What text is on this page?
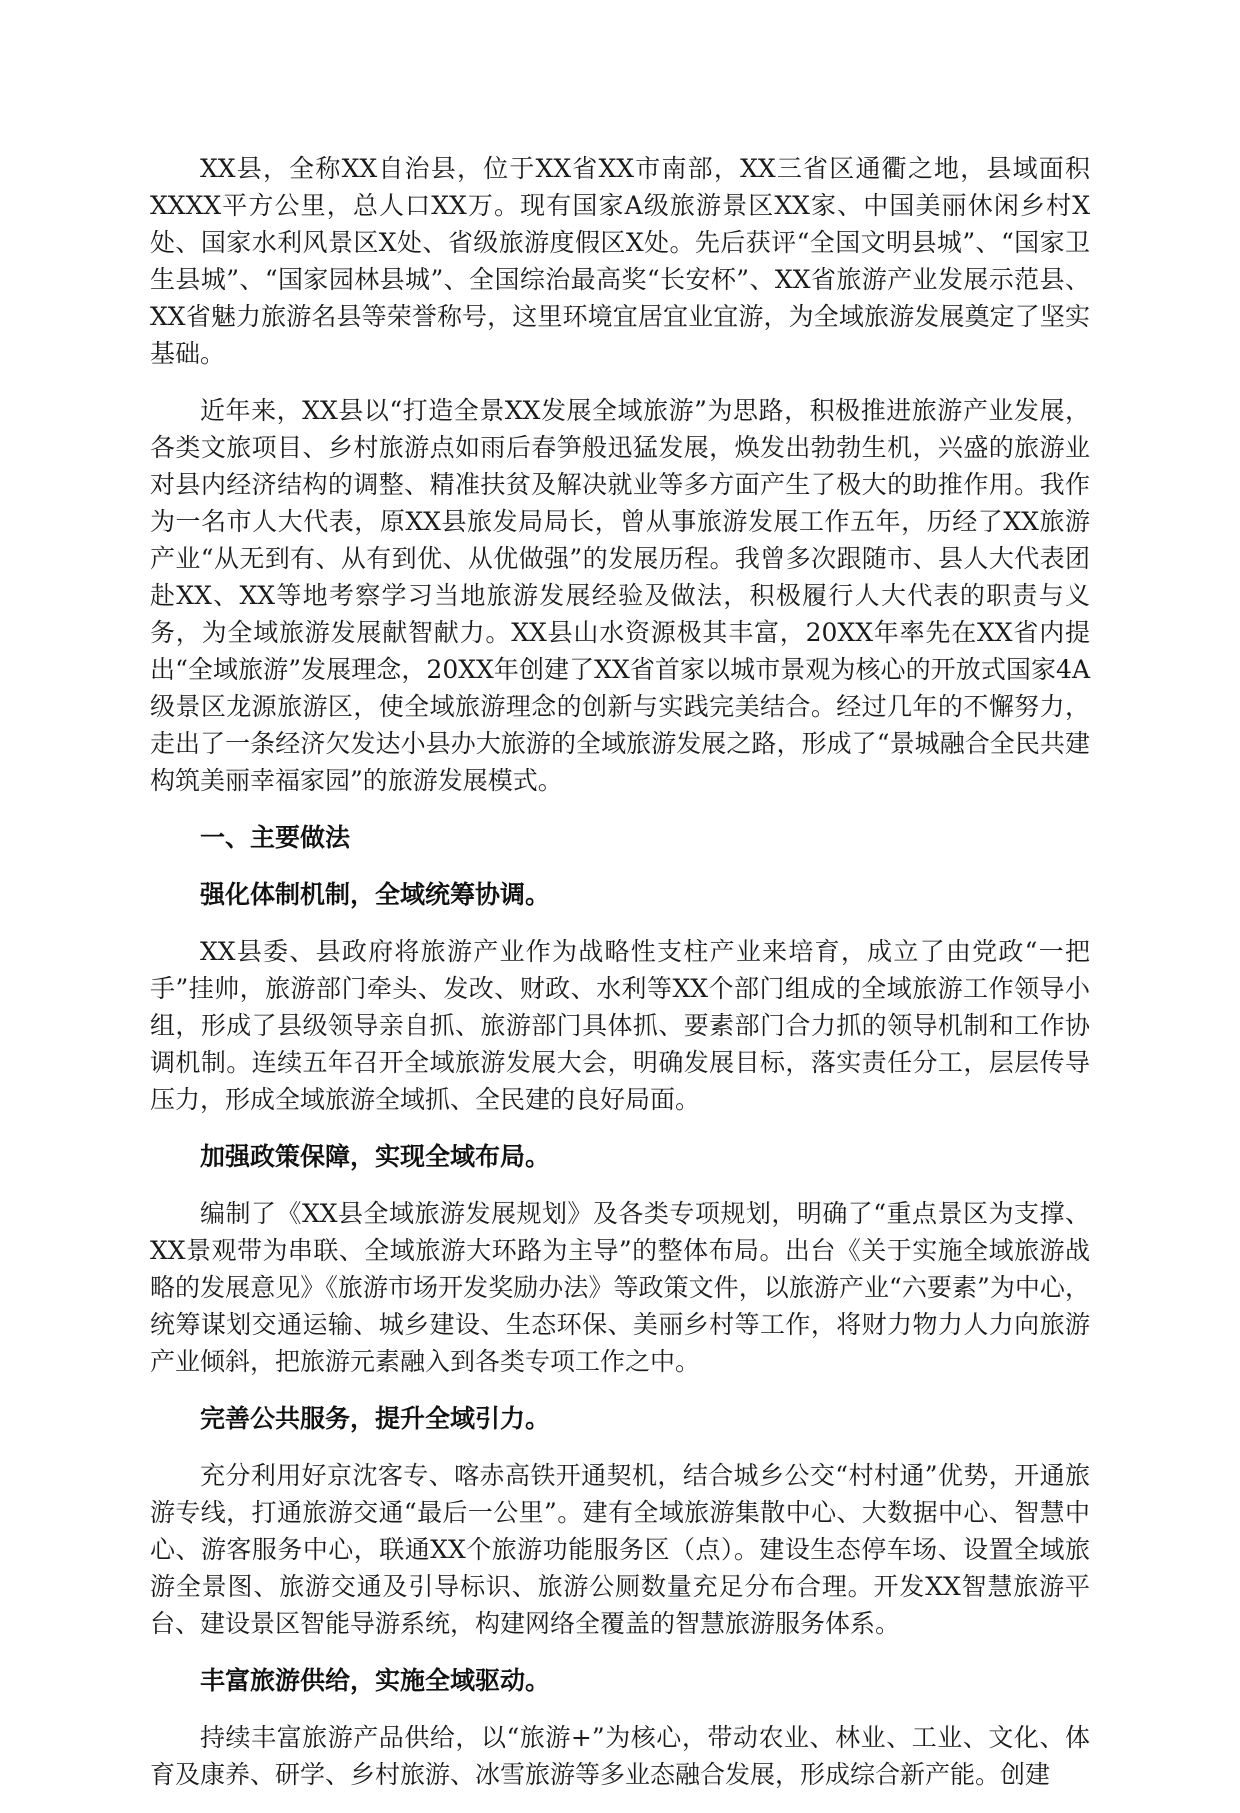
XX县，全称XX自治县，位于XX省XX市南部，XX三省区通衢之地，县域面积XXXX平方公里，总人口XX万。现有国家A级旅游景区XX家、中国美丽休闲乡村X处、国家水利风景区X处、省级旅游度假区X处。先后获评“全国文明县城”、“国家卫生县城”、“国家园林县城”、全国综治最高奖“长安杯”、XX省旅游产业发展示范县、XX省魅力旅游名县等荣誉称号，这里环境宜居宜业宜游，为全域旅游发展奠定了坚实基础。

近年来，XX县以“打造全景XX发展全域旅游”为思路，积极推进旅游产业发展，各类文旅项目、乡村旅游点如雨后春笋般迅猛发展，焕发出勃勃生机，兴盛的旅游业对县内经济结构的调整、精准扶贫及解决就业等多方面产生了极大的助推作用。我作为一名市人大代表，原XX县旅发局局长，曾从事旅游发展工作五年，历经了XX旅游产业“从无到有、从有到优、从优做强”的发展历程。我曾多次跟随市、县人大代表团赴XX、XX等地考察学习当地旅游发展经验及做法，积极履行人大代表的职责与义务，为全域旅游发展献智献力。XX县山水资源极其丰富，20XX年率先在XX省内提出“全域旅游”发展理念，20XX年创建了XX省首家以城市景观为核心的开放式国家4A级景区龙源旅游区，使全域旅游理念的创新与实践完美结合。经过几年的不懈努力，走出了一条经济欠发达小县办大旅游的全域旅游发展之路，形成了“景城融合全民共建构筑美丽幸福家园”的旅游发展模式。

一、主要做法

强化体制机制，全域统筹协调。

XX县委、县政府将旅游产业作为战略性支柱产业来培育，成立了由党政“一把手”挂帅，旅游部门牵头、发改、财政、水利等XX个部门组成的全域旅游工作领导小组，形成了县级领导亲自抓、旅游部门具体抓、要素部门合力抓的领导机制和工作协调机制。连续五年召开全域旅游发展大会，明确发展目标，落实责任分工，层层传导压力，形成全域旅游全域抓、全民建的良好局面。

加强政策保障，实现全域布局。

编制了《XX县全域旅游发展规划》及各类专项规划，明确了“重点景区为支撑、XX景观带为串联、全域旅游大环路为主导”的整体布局。出台《关于实施全域旅游战略的发展意见》《旅游市场开发奖励办法》等政策文件，以旅游产业“六要素”为中心，统筹谋划交通运输、城乡建设、生态环保、美丽乡村等工作，将财力物力人力向旅游产业倾斜，把旅游元素融入到各类专项工作之中。

完善公共服务，提升全域引力。

充分利用好京沈客专、喀赤高铁开通契机，结合城乡公交“村村通”优势，开通旅游专线，打通旅游交通“最后一公里”。建有全域旅游集散中心、大数据中心、智慧中心、游客服务中心，联通XX个旅游功能服务区（点）。建设生态停车场、设置全域旅游全景图、旅游交通及引导标识、旅游公厕数量充足分布合理。开发XX智慧旅游平台、建设景区智能导游系统，构建网络全覆盖的智慧旅游服务体系。

丰富旅游供给，实施全域驱动。

持续丰富旅游产品供给，以“旅游+”为核心，带动农业、林业、工业、文化、体育及康养、研学、乡村旅游、冰雪旅游等多业态融合发展，形成综合新产能。创建
